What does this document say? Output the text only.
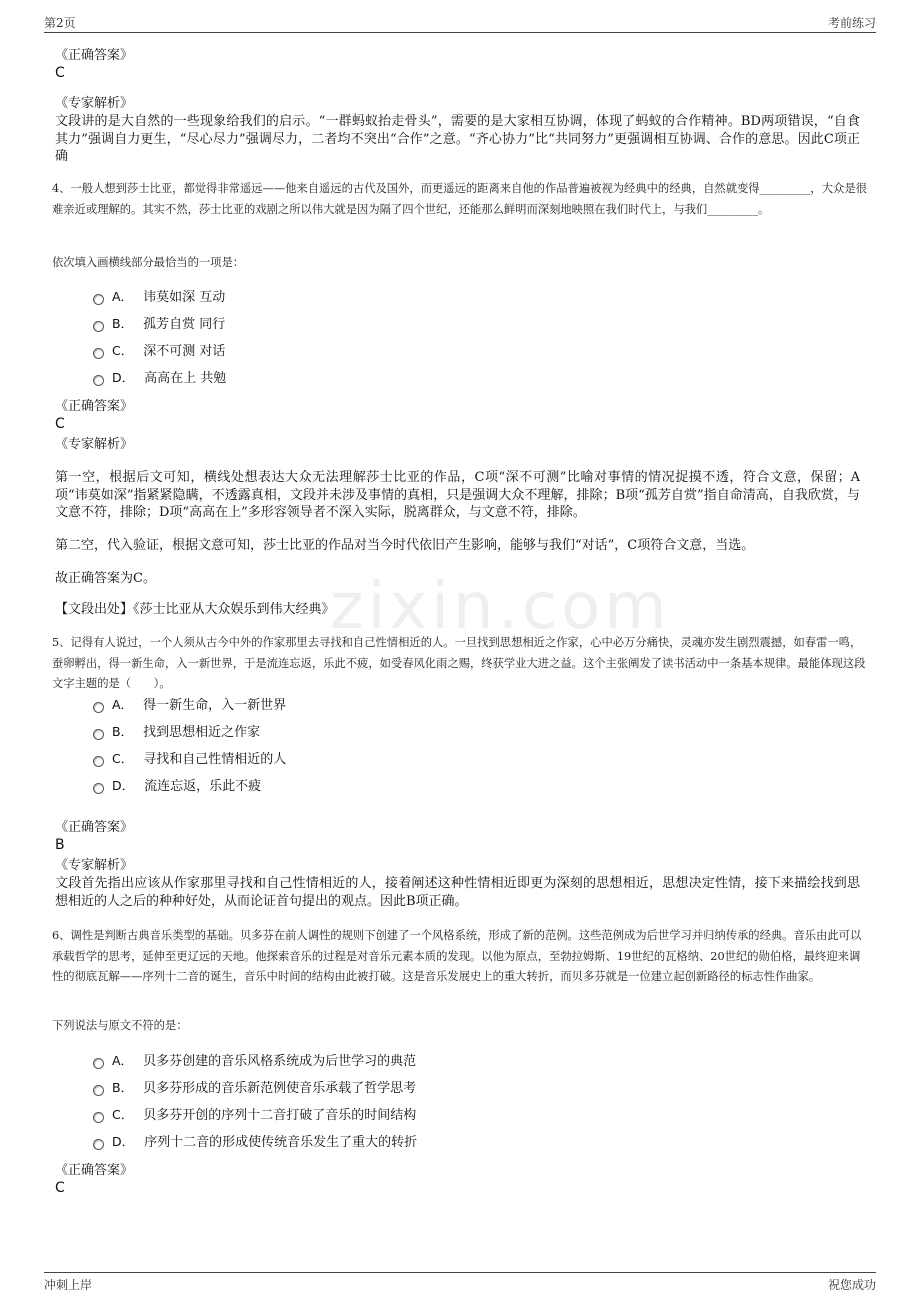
第2页	考前练习
zixin.com
《正确答案》
C
《专家解析》
文段讲的是大自然的一些现象给我们的启示。“一群蚂蚁抬走骨头”，需要的是大家相互协调，体现了蚂蚁的合作精神。BD两项错误，“自食其力”强调自力更生，“尽心尽力”强调尽力，二者均不突出“合作”之意。“齐心协力”比“共同努力”更强调相互协调、合作的意思。因此C项正确
4、一般人想到莎士比亚，都觉得非常遥远——他来自遥远的古代及国外，而更遥远的距离来自他的作品普遍被视为经典中的经典，自然就变得_________，大众是很难亲近或理解的。其实不然，莎士比亚的戏剧之所以伟大就是因为隔了四个世纪，还能那么鲜明而深刻地映照在我们时代上，与我们_________。
依次填入画横线部分最恰当的一项是：
A． 讳莫如深 互动
B． 孤芳自赏 同行
C． 深不可测 对话
D． 高高在上 共勉
《正确答案》
C
《专家解析》
第一空，根据后文可知，横线处想表达大众无法理解莎士比亚的作品，C项“深不可测”比喻对事情的情况捉摸不透，符合文意，保留；A项“讳莫如深”指紧紧隐瞒，不透露真相，文段并未涉及事情的真相，只是强调大众不理解，排除；B项“孤芳自赏”指自命清高，自我欣赏，与文意不符，排除；D项“高高在上”多形容领导者不深入实际，脱离群众，与文意不符，排除。
第二空，代入验证，根据文意可知，莎士比亚的作品对当今时代依旧产生影响，能够与我们“对话”，C项符合文意，当选。
故正确答案为C。
【文段出处】《莎士比亚从大众娱乐到伟大经典》
5、记得有人说过，一个人须从古今中外的作家那里去寻找和自己性情相近的人。一旦找到思想相近之作家，心中必万分痛快，灵魂亦发生剧烈震撼，如春雷一鸣，蚕卵孵出，得一新生命，入一新世界，于是流连忘返，乐此不疲，如受春风化雨之赐，终获学业大进之益。这个主张阐发了读书活动中一条基本规律。最能体现这段文字主题的是（　　）。
A． 得一新生命，入一新世界
B． 找到思想相近之作家
C． 寻找和自己性情相近的人
D． 流连忘返，乐此不疲
《正确答案》
B
《专家解析》
文段首先指出应该从作家那里寻找和自己性情相近的人，接着阐述这种性情相近即更为深刻的思想相近，思想决定性情，接下来描绘找到思想相近的人之后的种种好处，从而论证首句提出的观点。因此B项正确。
6、调性是判断古典音乐类型的基础。贝多芬在前人调性的规则下创建了一个风格系统，形成了新的范例。这些范例成为后世学习并归纳传承的经典。音乐由此可以承载哲学的思考，延伸至更辽远的天地。他探索音乐的过程是对音乐元素本质的发现。以他为原点，至勃拉姆斯、19世纪的瓦格纳、20世纪的勋伯格，最终迎来调性的彻底瓦解——序列十二音的诞生，音乐中时间的结构由此被打破。这是音乐发展史上的重大转折，而贝多芬就是一位建立起创新路径的标志性作曲家。
下列说法与原文不符的是：
A． 贝多芬创建的音乐风格系统成为后世学习的典范
B． 贝多芬形成的音乐新范例使音乐承载了哲学思考
C． 贝多芬开创的序列十二音打破了音乐的时间结构
D． 序列十二音的形成使传统音乐发生了重大的转折
《正确答案》
C
冲刺上岸	祝您成功
